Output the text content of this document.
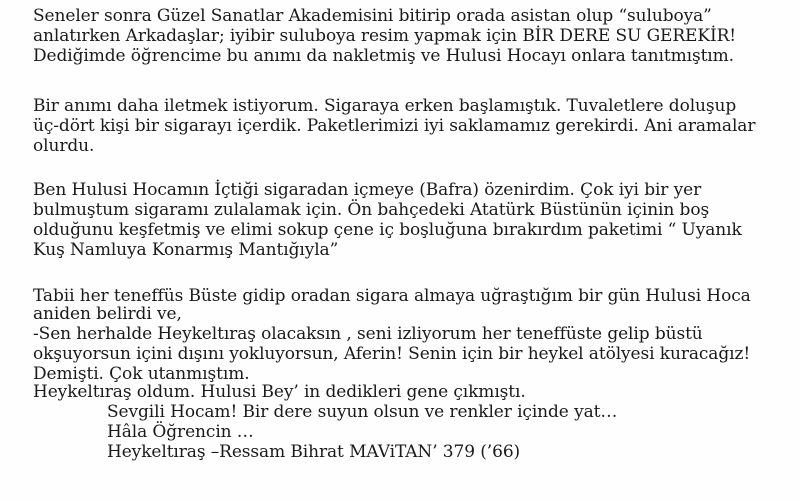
Seneler sonra Güzel Sanatlar Akademisini bitirip orada asistan olup “suluboya”
anlatırken Arkadaşlar; iyibir suluboya resim yapmak için BİR DERE SU GEREKİR!
Dediğimde öğrencime bu anımı da nakletmiş ve Hulusi Hocayı onlara tanıtmıştım.
Bir anımı daha iletmek istiyorum. Sigaraya erken başlamıştık. Tuvaletlere doluşup
üç-dört kişi bir sigarayı içerdik. Paketlerimizi iyi saklamamız gerekirdi. Ani aramalar
olurdu.
Ben Hulusi Hocamın İçtiği sigaradan içmeye (Bafra) özenirdim. Çok iyi bir yer
bulmuştum sigaramı zulalamak için. Ön bahçedeki Atatürk Büstünün içinin boş
olduğunu keşfetmiş ve elimi sokup çene iç boşluğuna bırakırdım paketimi “ Uyanık
Kuş Namluya Konarmış Mantığıyla”
Tabii her teneffüs Büste gidip oradan sigara almaya uğraştığım bir gün Hulusi Hoca
aniden belirdi ve,
-Sen herhalde Heykeltıraş olacaksın , seni izliyorum her teneffüste gelip büstü
okşuyorsun içini dışını yokluyorsun, Aferin! Senin için bir heykel atölyesi kuracağız!
Demişti. Çok utanmıştım.
Heykeltıraş oldum. Hulusi Bey’ in dedikleri gene çıkmıştı.
Sevgili Hocam! Bir dere suyun olsun ve renkler içinde yat…
Hâla Öğrencin …
Heykeltıraş –Ressam Bihrat MAViTAN’ 379 (’66)
